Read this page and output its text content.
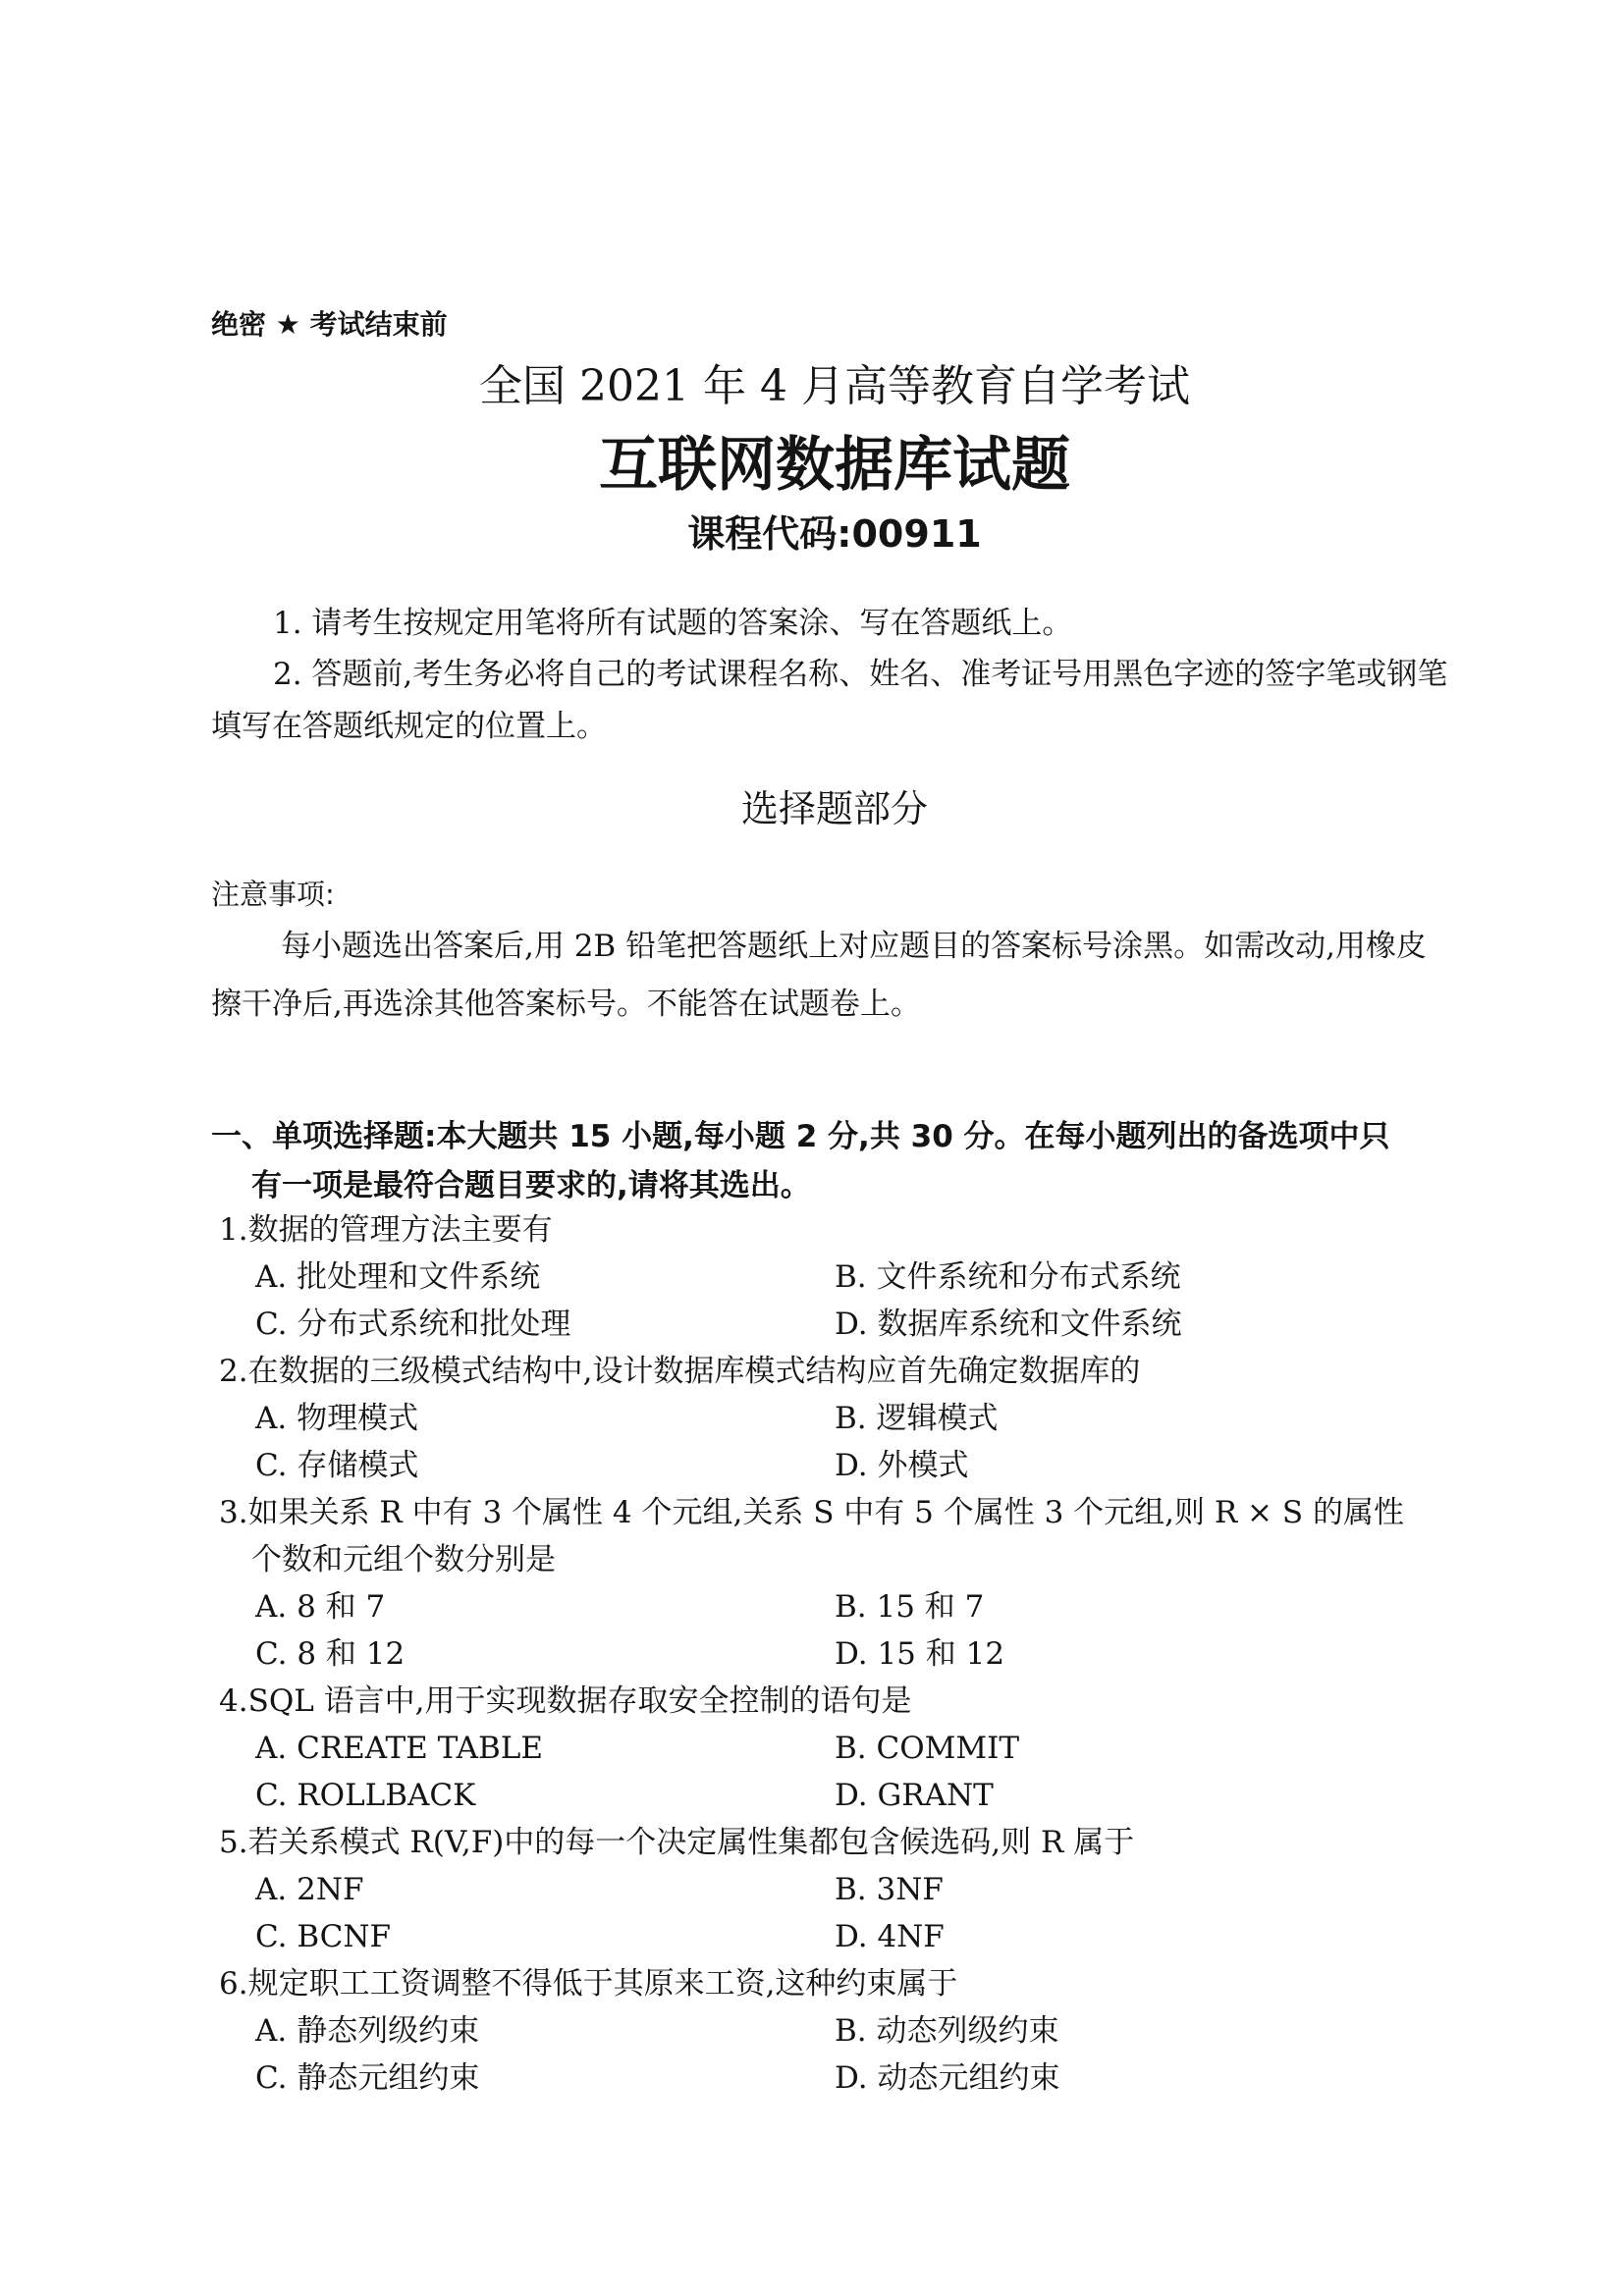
绝密 ★ 考试结束前
全国 2021 年 4 月高等教育自学考试
互联网数据库试题
课程代码:00911
1. 请考生按规定用笔将所有试题的答案涂、写在答题纸上。
2. 答题前,考生务必将自己的考试课程名称、姓名、准考证号用黑色字迹的签字笔或钢笔
填写在答题纸规定的位置上。
选择题部分
注意事项:
每小题选出答案后,用 2B 铅笔把答题纸上对应题目的答案标号涂黑。如需改动,用橡皮
擦干净后,再选涂其他答案标号。不能答在试题卷上。
一、单项选择题:本大题共 15 小题,每小题 2 分,共 30 分。在每小题列出的备选项中只
有一项是最符合题目要求的,请将其选出。
1.数据的管理方法主要有
A. 批处理和文件系统	B. 文件系统和分布式系统
C. 分布式系统和批处理	D. 数据库系统和文件系统
2.在数据的三级模式结构中,设计数据库模式结构应首先确定数据库的
A. 物理模式	B. 逻辑模式
C. 存储模式	D. 外模式
3.如果关系 R 中有 3 个属性 4 个元组,关系 S 中有 5 个属性 3 个元组,则 R × S 的属性
个数和元组个数分别是
A. 8 和 7	B. 15 和 7
C. 8 和 12	D. 15 和 12
4.SQL 语言中,用于实现数据存取安全控制的语句是
A. CREATE TABLE	B. COMMIT
C. ROLLBACK	D. GRANT
5.若关系模式 R(V,F)中的每一个决定属性集都包含候选码,则 R 属于
A. 2NF	B. 3NF
C. BCNF	D. 4NF
6.规定职工工资调整不得低于其原来工资,这种约束属于
A. 静态列级约束	B. 动态列级约束
C. 静态元组约束	D. 动态元组约束
